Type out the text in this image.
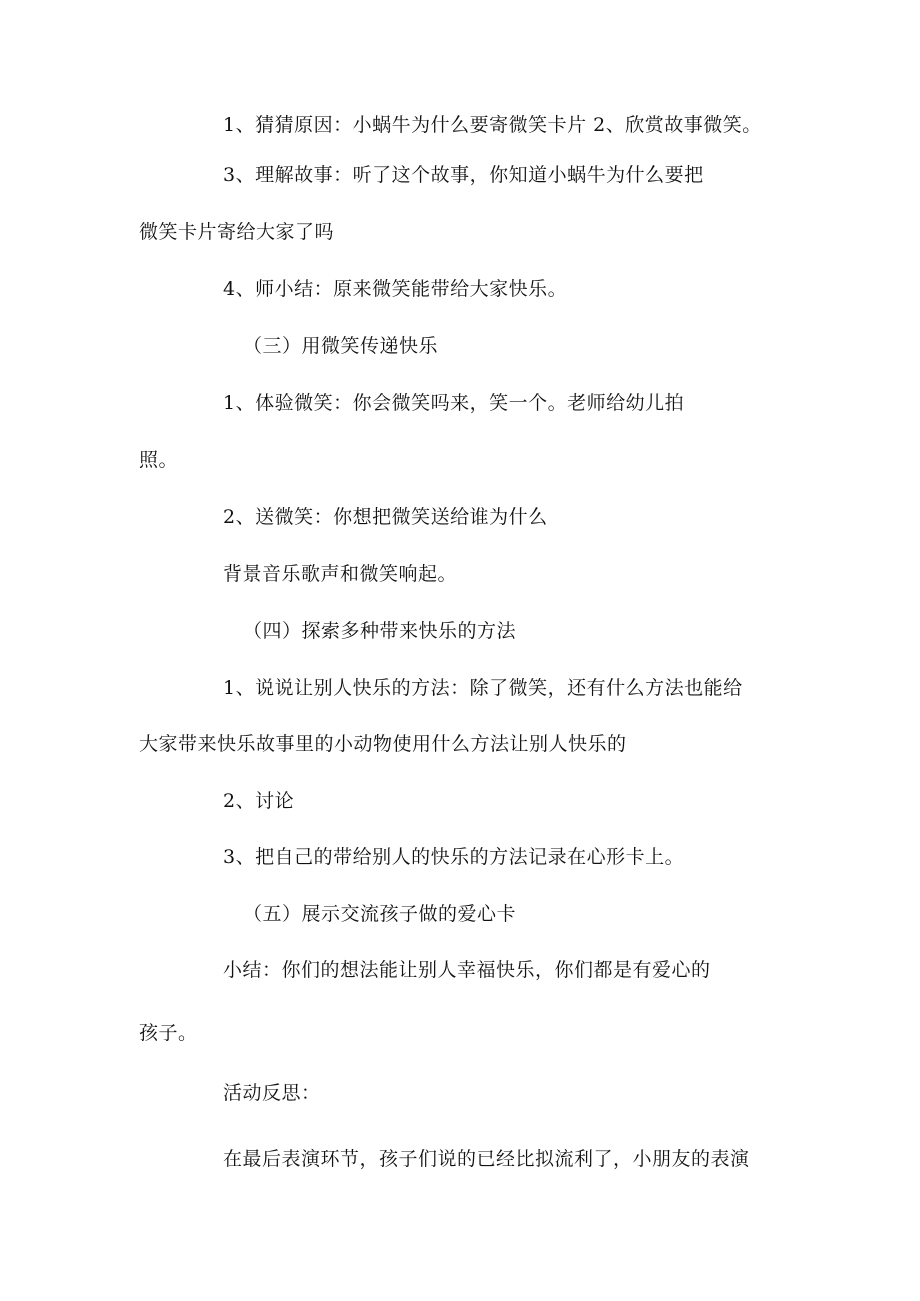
1、猜猜原因：小蜗牛为什么要寄微笑卡片 2、欣赏故事微笑。
3、理解故事：听了这个故事，你知道小蜗牛为什么要把
微笑卡片寄给大家了吗
4、师小结：原来微笑能带给大家快乐。
（三）用微笑传递快乐
1、体验微笑：你会微笑吗来，笑一个。老师给幼儿拍
照。
2、送微笑：你想把微笑送给谁为什么
背景音乐歌声和微笑响起。
（四）探索多种带来快乐的方法
1、说说让别人快乐的方法：除了微笑，还有什么方法也能给
大家带来快乐故事里的小动物使用什么方法让别人快乐的
2、讨论
3、把自己的带给别人的快乐的方法记录在心形卡上。
（五）展示交流孩子做的爱心卡
小结：你们的想法能让别人幸福快乐，你们都是有爱心的
孩子。
活动反思：
在最后表演环节，孩子们说的已经比拟流利了，小朋友的表演
